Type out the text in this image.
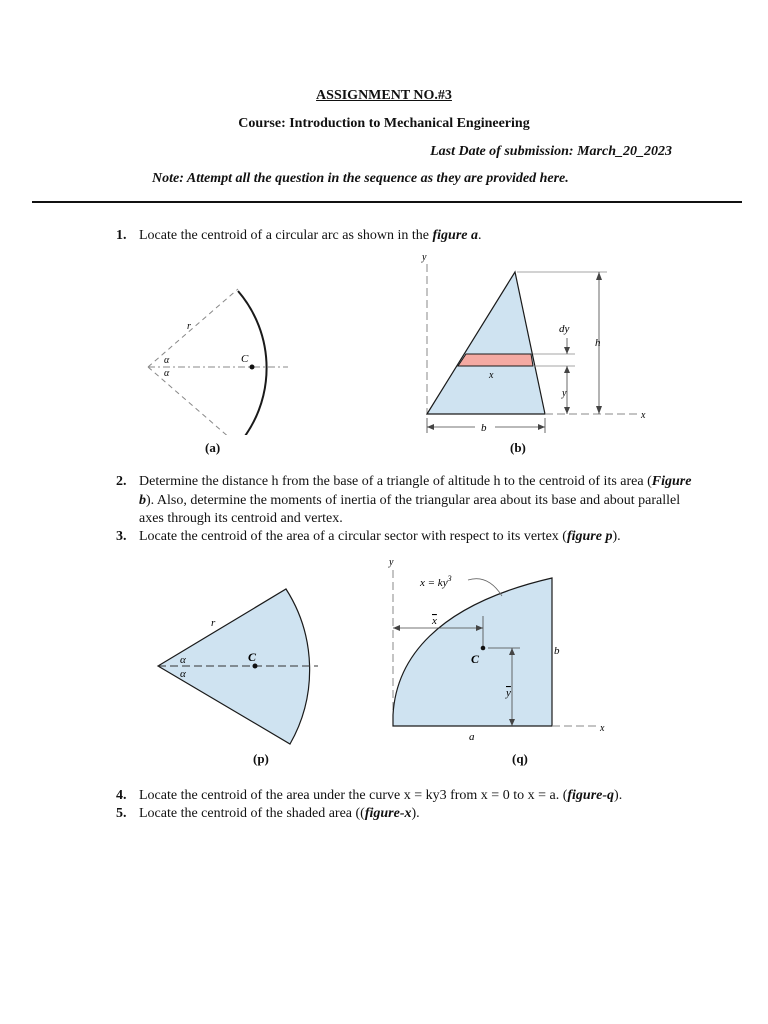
ASSIGNMENT NO.#3
Course: Introduction to Mechanical Engineering
Last Date of submission: March_20_2023
Note: Attempt all the question in the sequence as they are provided here.
1. Locate the centroid of a circular arc as shown in the figure a.
r
α
α
C
(a)
y
x
h
dy
y
x
b
(b)
2. Determine the distance h from the base of a triangle of altitude h to the centroid of its area (Figure b). Also, determine the moments of inertia of the triangular area about its base and about parallel axes through its centroid and vertex.
3. Locate the centroid of the area of a circular sector with respect to its vertex (figure p).
r
α
α
C
(p)
y
x
$x = ky^3$
x
C
y
b
a
(q)
4. Locate the centroid of the area under the curve x = ky3 from x = 0 to x = a. (figure-q).
5. Locate the centroid of the shaded area ((figure-x).
